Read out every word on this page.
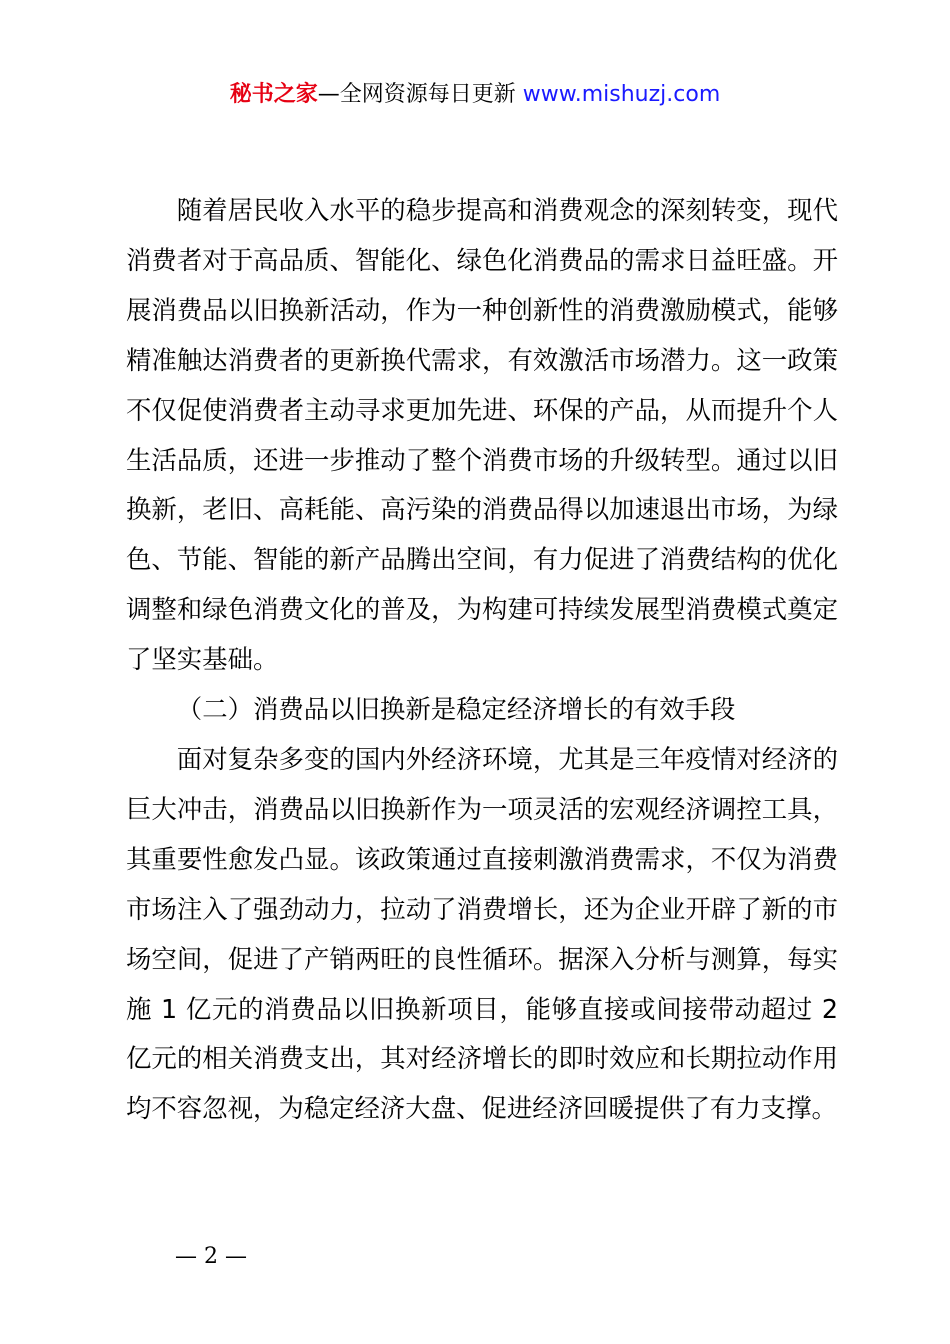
秘书之家—全网资源每日更新 www.mishuzj.com

随着居民收入水平的稳步提高和消费观念的深刻转变，现代消费者对于高品质、智能化、绿色化消费品的需求日益旺盛。开展消费品以旧换新活动，作为一种创新性的消费激励模式，能够精准触达消费者的更新换代需求，有效激活市场潜力。这一政策不仅促使消费者主动寻求更加先进、环保的产品，从而提升个人生活品质，还进一步推动了整个消费市场的升级转型。通过以旧换新，老旧、高耗能、高污染的消费品得以加速退出市场，为绿色、节能、智能的新产品腾出空间，有力促进了消费结构的优化调整和绿色消费文化的普及，为构建可持续发展型消费模式奠定了坚实基础。

（二）消费品以旧换新是稳定经济增长的有效手段

面对复杂多变的国内外经济环境，尤其是三年疫情对经济的巨大冲击，消费品以旧换新作为一项灵活的宏观经济调控工具，其重要性愈发凸显。该政策通过直接刺激消费需求，不仅为消费市场注入了强劲动力，拉动了消费增长，还为企业开辟了新的市场空间，促进了产销两旺的良性循环。据深入分析与测算，每实施 1 亿元的消费品以旧换新项目，能够直接或间接带动超过 2 亿元的相关消费支出，其对经济增长的即时效应和长期拉动作用均不容忽视，为稳定经济大盘、促进经济回暖提供了有力支撑。

— 2 —
